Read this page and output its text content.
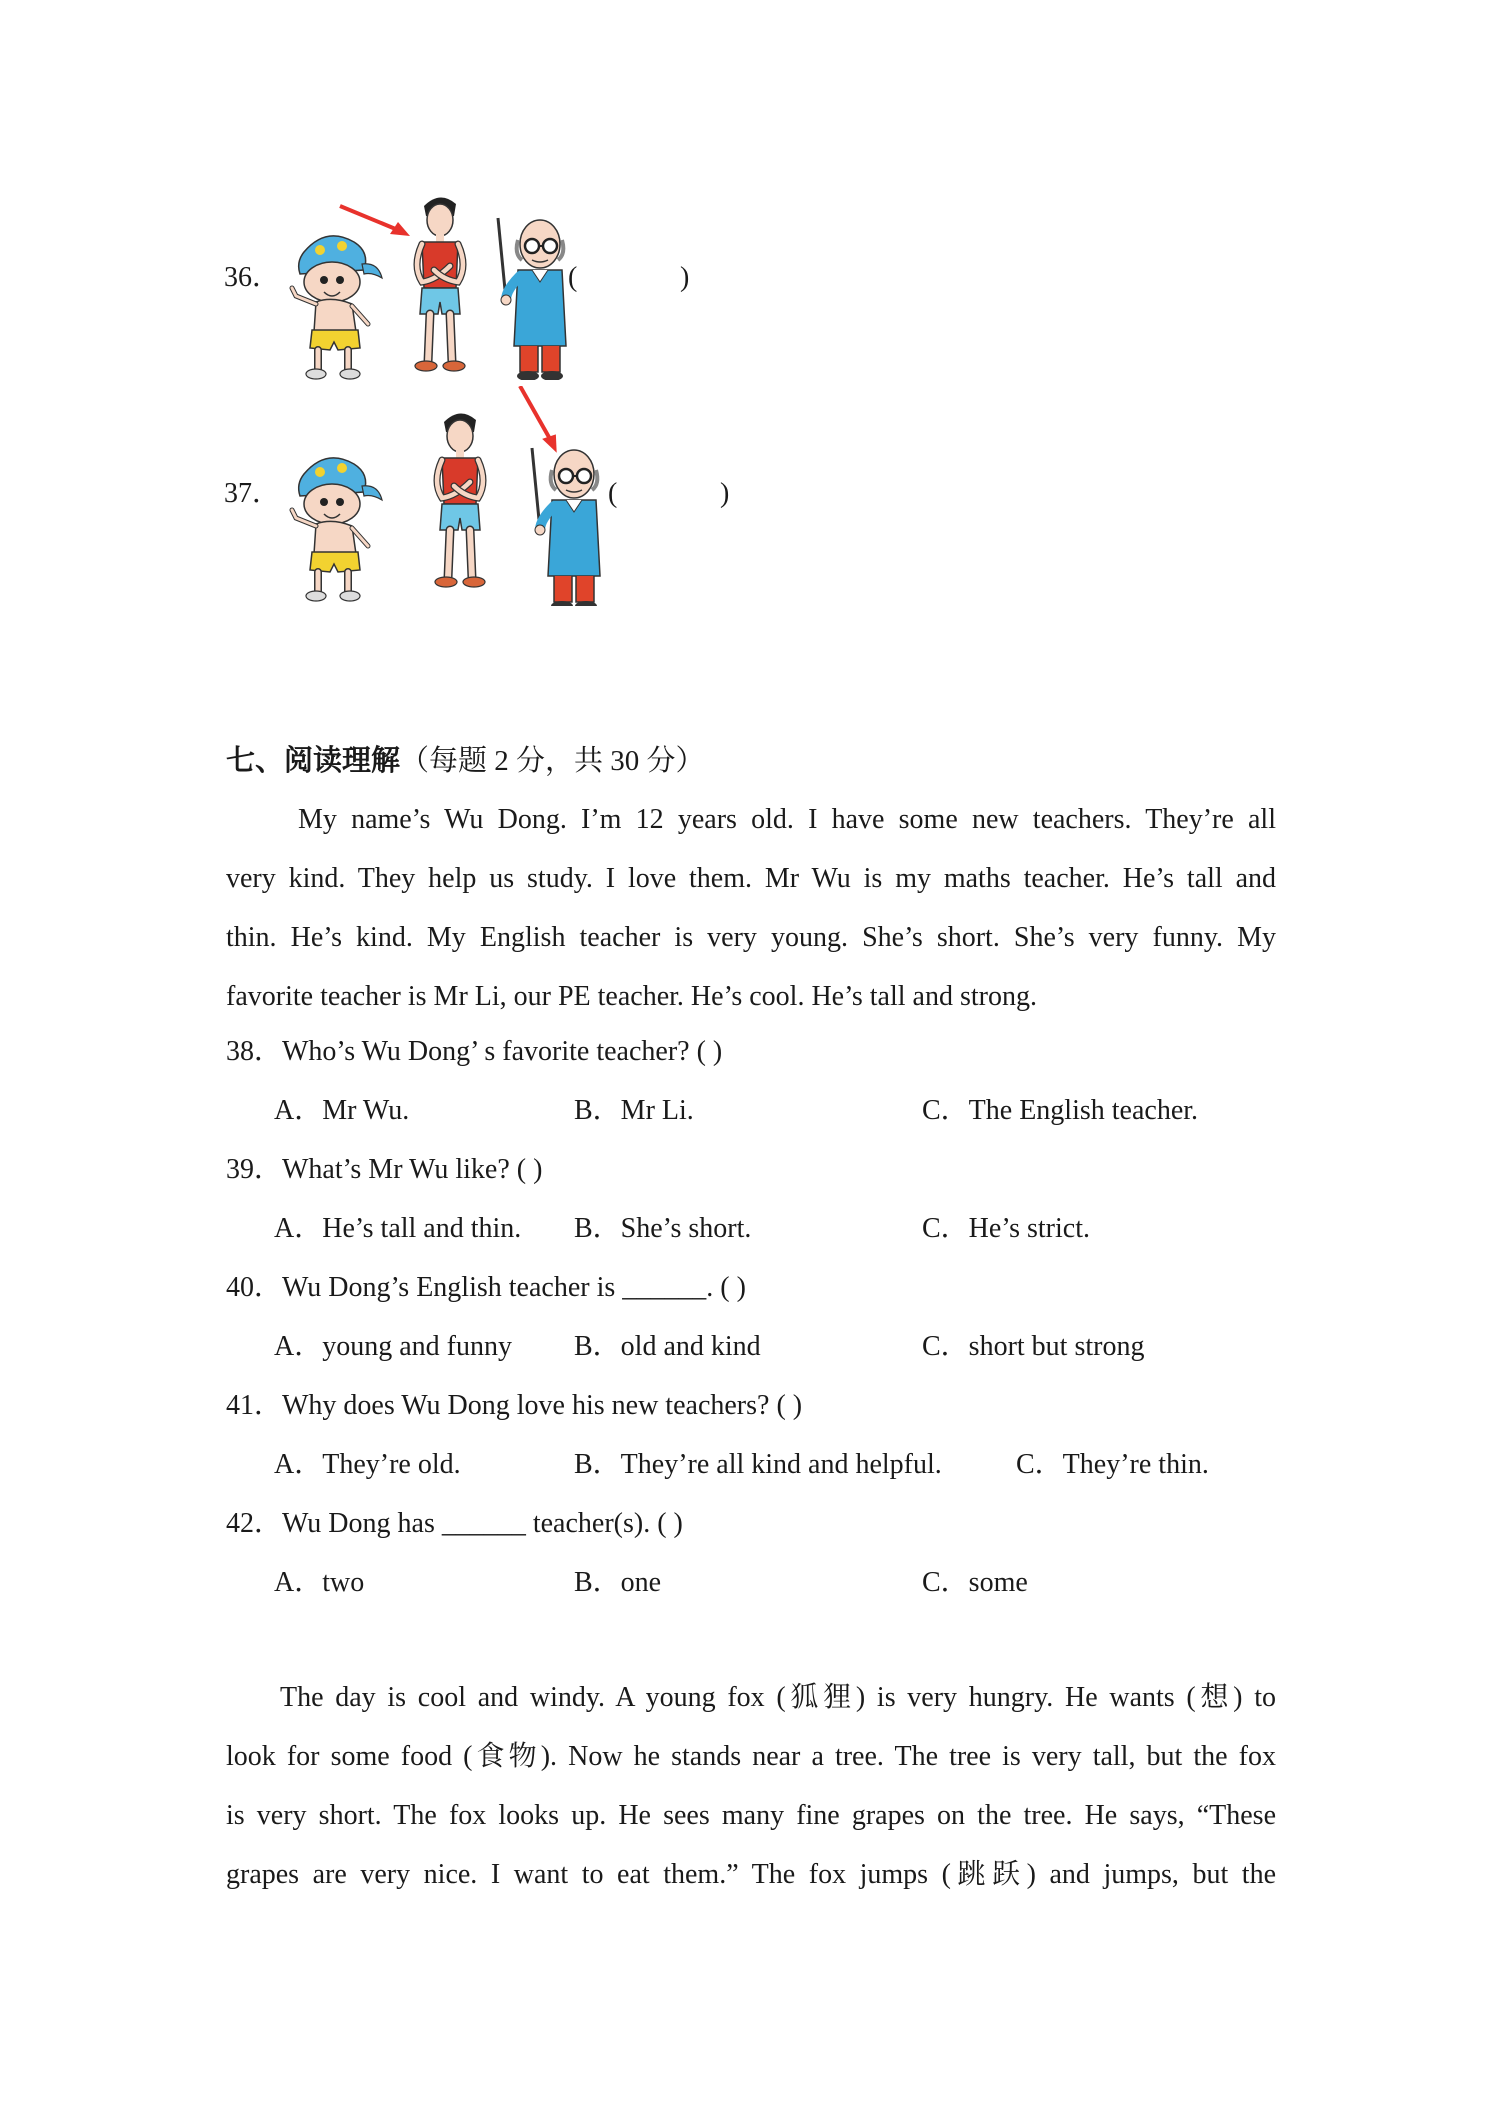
36．	(	)
37．	(	)
七、阅读理解（每题 2 分，共 30 分）
My name’s Wu Dong. I’m 12 years old. I have some new teachers. They’re all
very kind. They help us study. I love them. Mr Wu is my maths teacher. He’s tall and
thin. He’s kind. My English teacher is very young. She’s short. She’s very funny. My
favorite teacher is Mr Li, our PE teacher. He’s cool. He’s tall and strong.
38．Who’s Wu Dong’ s favorite teacher? ( )
A．Mr Wu.	B．Mr Li.	C．The English teacher.
39．What’s Mr Wu like? ( )
A．He’s tall and thin. B．She’s short.	C．He’s strict.
40．Wu Dong’s English teacher is ______. ( )
A．young and funny B．old and kind	C．short but strong
41．Why does Wu Dong love his new teachers? ( )
A．They’re old.	B．They’re all kind and helpful.	C．They’re thin.
42．Wu Dong has ______ teacher(s). ( )
A．two	B．one	C．some
The day is cool and windy. A young fox (狐狸) is very hungry. He wants (想) to
look for some food (食物). Now he stands near a tree. The tree is very tall, but the fox
is very short. The fox looks up. He sees many fine grapes on the tree. He says, “These
grapes are very nice. I want to eat them.” The fox jumps (跳跃) and jumps, but the
